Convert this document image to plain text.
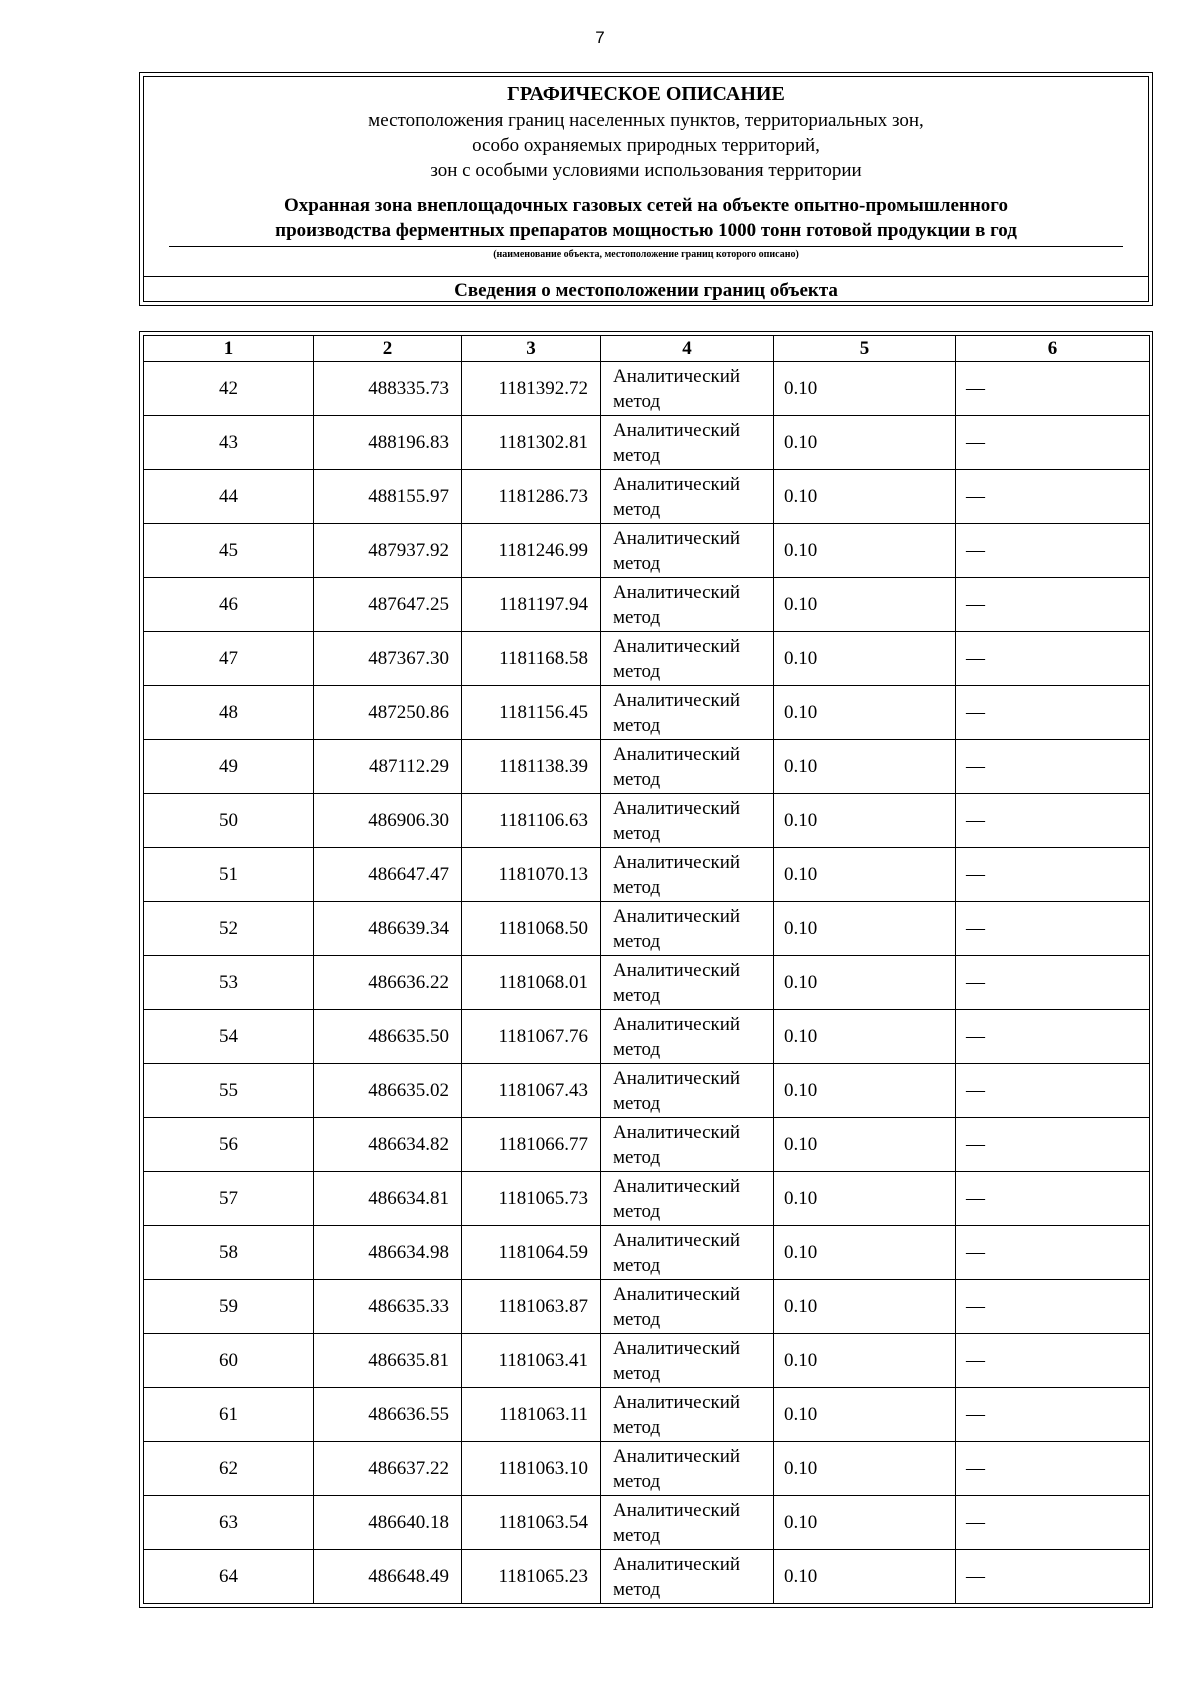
7
ГРАФИЧЕСКОЕ ОПИСАНИЕ
местоположения границ населенных пунктов, территориальных зон,
особо охраняемых природных территорий,
зон с особыми условиями использования территории
Охранная зона внеплощадочных газовых сетей на объекте опытно-промышленного
производства ферментных препаратов мощностью 1000 тонн готовой продукции в год
(наименование объекта, местоположение границ которого описано)
Сведения о местоположении границ объекта
1	2	3	4	5	6
42	488335.73	1181392.72	Аналитический метод	0.10	—
43	488196.83	1181302.81	Аналитический метод	0.10	—
44	488155.97	1181286.73	Аналитический метод	0.10	—
45	487937.92	1181246.99	Аналитический метод	0.10	—
46	487647.25	1181197.94	Аналитический метод	0.10	—
47	487367.30	1181168.58	Аналитический метод	0.10	—
48	487250.86	1181156.45	Аналитический метод	0.10	—
49	487112.29	1181138.39	Аналитический метод	0.10	—
50	486906.30	1181106.63	Аналитический метод	0.10	—
51	486647.47	1181070.13	Аналитический метод	0.10	—
52	486639.34	1181068.50	Аналитический метод	0.10	—
53	486636.22	1181068.01	Аналитический метод	0.10	—
54	486635.50	1181067.76	Аналитический метод	0.10	—
55	486635.02	1181067.43	Аналитический метод	0.10	—
56	486634.82	1181066.77	Аналитический метод	0.10	—
57	486634.81	1181065.73	Аналитический метод	0.10	—
58	486634.98	1181064.59	Аналитический метод	0.10	—
59	486635.33	1181063.87	Аналитический метод	0.10	—
60	486635.81	1181063.41	Аналитический метод	0.10	—
61	486636.55	1181063.11	Аналитический метод	0.10	—
62	486637.22	1181063.10	Аналитический метод	0.10	—
63	486640.18	1181063.54	Аналитический метод	0.10	—
64	486648.49	1181065.23	Аналитический метод	0.10	—
